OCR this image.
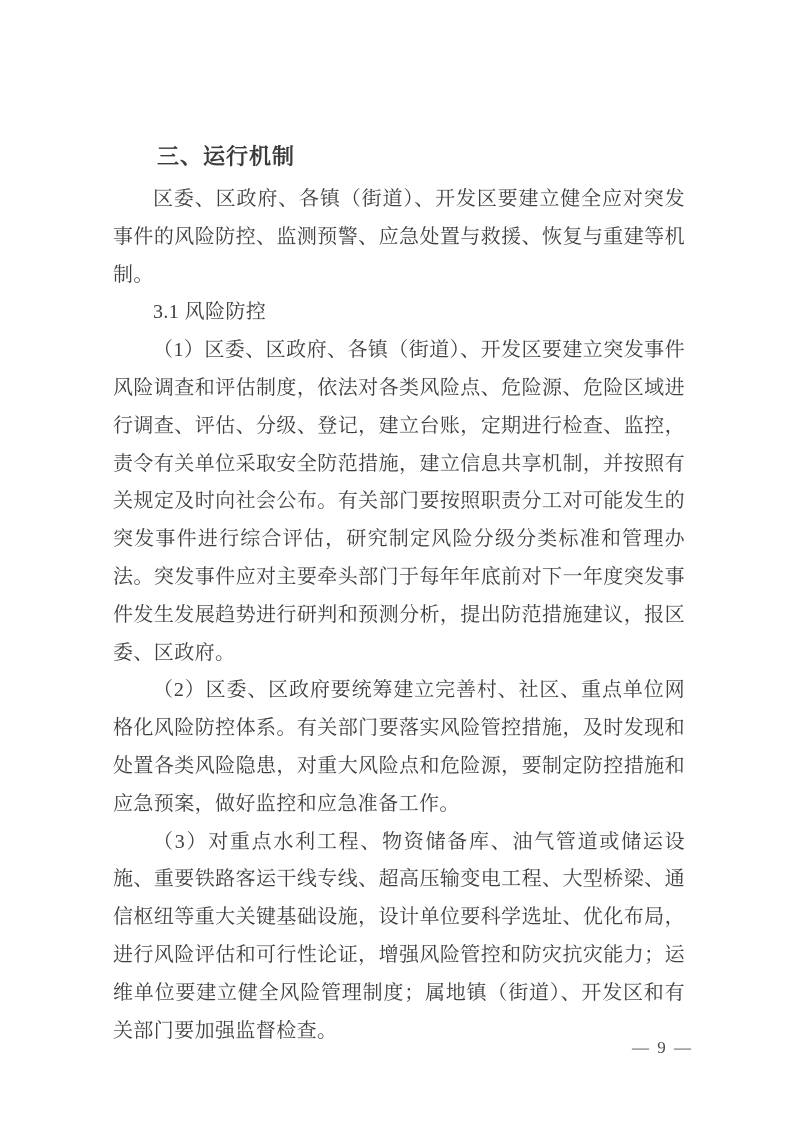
三、运行机制

区委、区政府、各镇（街道）、开发区要建立健全应对突发事件的风险防控、监测预警、应急处置与救援、恢复与重建等机制。

3.1 风险防控

（1）区委、区政府、各镇（街道）、开发区要建立突发事件风险调查和评估制度，依法对各类风险点、危险源、危险区域进行调查、评估、分级、登记，建立台账，定期进行检查、监控，责令有关单位采取安全防范措施，建立信息共享机制，并按照有关规定及时向社会公布。有关部门要按照职责分工对可能发生的突发事件进行综合评估，研究制定风险分级分类标准和管理办法。突发事件应对主要牵头部门于每年年底前对下一年度突发事件发生发展趋势进行研判和预测分析，提出防范措施建议，报区委、区政府。

（2）区委、区政府要统筹建立完善村、社区、重点单位网格化风险防控体系。有关部门要落实风险管控措施，及时发现和处置各类风险隐患，对重大风险点和危险源，要制定防控措施和应急预案，做好监控和应急准备工作。

（3）对重点水利工程、物资储备库、油气管道或储运设施、重要铁路客运干线专线、超高压输变电工程、大型桥梁、通信枢纽等重大关键基础设施，设计单位要科学选址、优化布局，进行风险评估和可行性论证，增强风险管控和防灾抗灾能力；运维单位要建立健全风险管理制度；属地镇（街道）、开发区和有关部门要加强监督检查。

— 9 —
